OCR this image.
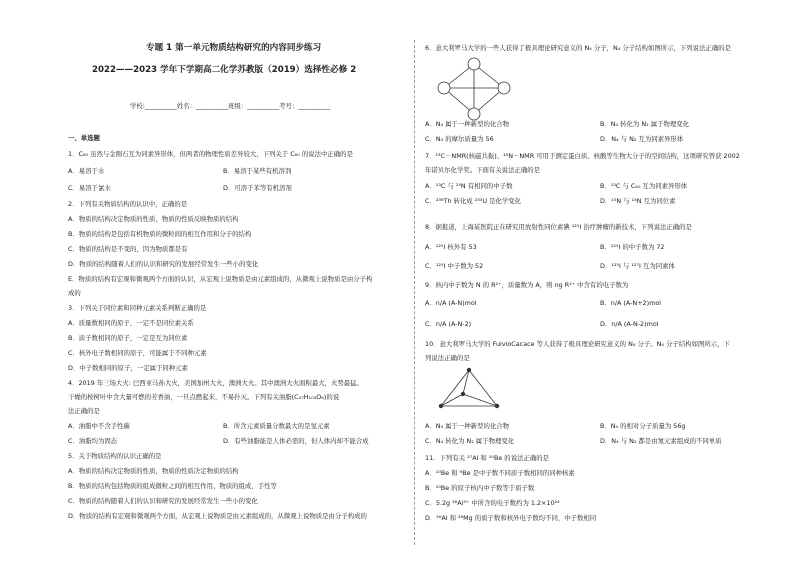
专题 1 第一单元物质结构研究的内容同步练习
2022——2023 学年下学期高二化学苏教版（2019）选择性必修 2
学校:__________姓名：__________班级：__________考号：__________
一、单选题
1．C₆₀ 虽然与金刚石互为同素异形体，但两者的物理性质差异较大，下列关于 C₆₀ 的说法中正确的是
A．易溶于水	B．易溶于某些有机溶剂
C．易溶于氯水	D．可溶于苯等有机溶剂
2．下列有关物质结构的认识中，正确的是
A．物质的结构决定物质的性质，物质的性质反映物质的结构
B．物质的结构是包括有机物质的微粒间的相互作用和分子的结构
C．物质的结构是不变的，因为物质都是有
D．物质的结构随着人们的认识和研究的发展经常发生一些小的变化
E．物质的结构有宏观和微观两个方面的认识，从宏观上说物质是由元素组成的，从微观上说物质是由分子构
成的
3．下列关于同位素和同种元素关系判断正确的是
A．质量数相同的原子，一定不是同位素关系
B．质子数相同的原子，一定是互为同位素
C．核外电子数相同的原子，可能属于不同种元素
D．中子数相同的原子，一定属于同种元素
4．2019 年三场大火: 巴西亚马孙大火，美国加州大火，澳洲大火。其中澳洲大火面积最大，火势最猛。
干燥的桉树叶中含大量可燃的芳香油，一旦点燃起来，不易扑灭。下列有关油脂(C₅₇H₁₀₄O₆)的说
法正确的是
A．油脂中不含手性碳	B．所含元素质量分数最大的是氢元素
C．油脂均为固态	D．有些油脂能是人体必需的，但人体内却不能合成
5．关于物质结构的认识正确的是
A．物质的结构决定物质的性质，物质的性质决定物质的结构
B．物质的结构包括物质的组成微粒之间的相互作用、物质的组成、手性等
C．物质的结构随着人们的认识和研究的发展经常发生一些小的变化
D．物质的结构有宏观和微观两个方面，从宏观上说物质是由元素组成的，从微观上说物质是由分子构成的
6．意大利罗马大学的一些人获得了极具理论研究意义的 N₄ 分子，N₄ 分子结构如图所示，下列说法正确的是
A．N₄ 属于一种新型的化合物	B．N₄ 转化为 N₂ 属于物理变化
C．N₄ 的摩尔质量为 56	D．N₄ 与 N₂ 互为同素异形体
7．¹³C－NMR(核磁共振)、¹⁵N－NMR 可用于测定蛋白质、核酸等生物大分子的空间结构，这项研究曾获 2002
年诺贝尔化学奖。下面有关说法正确的是
A．¹³C 与 ¹⁵N 有相同的中子数	B．¹³C 与 C₆₀ 互为同素异形体
C．²³⁸Th 转化成 ²³³U 是化学变化	D．¹⁵N 与 ¹⁴N 互为同位素
8．据报道，上海某医院正在研究用放射性同位素碘 ¹²⁵I 治疗肿瘤的新技术，下列说法正确的是
A．¹²⁵I 核外有 53	B．¹²⁵I 的中子数为 72
C．¹²⁵I 中子数为 52	D．¹²⁵I 与 ¹²⁷I 互为同素体
9．核内中子数为 N 的 R²⁺，质量数为 A，则 ng R²⁺ 中含有的电子数为
A．n/A (A-N)mol	B．n/A (A-N+2)mol
C．n/A (A-N-2)	D．n/A (A-N-2)mol
10．意大利罗马大学的 FulvioCacace 等人获得了极具理论研究意义的 N₄ 分子。N₄ 分子结构如图所示，下
列说法正确的是
A．N₄ 属于一种新型的化合物	B．N₄ 的相对分子质量为 56g
C．N₄ 转化为 N₂ 属于物理变化	D．N₄ 与 N₂ 都是由氮元素组成的不同单质
11．下列有关 ²⁷Al 和 ¹⁰Be 的说法正确的是
A．¹⁰Be 和 ⁹Be 是中子数不同质子数相同的同种核素
B．¹⁰Be 的原子核内中子数等于质子数
C．5.2g ²⁶Al³⁺ 中所含的电子数约为 1.2×10²⁴
D．²⁶Al 和 ²⁶Mg 的质子数和核外电子数均不同，中子数相同
